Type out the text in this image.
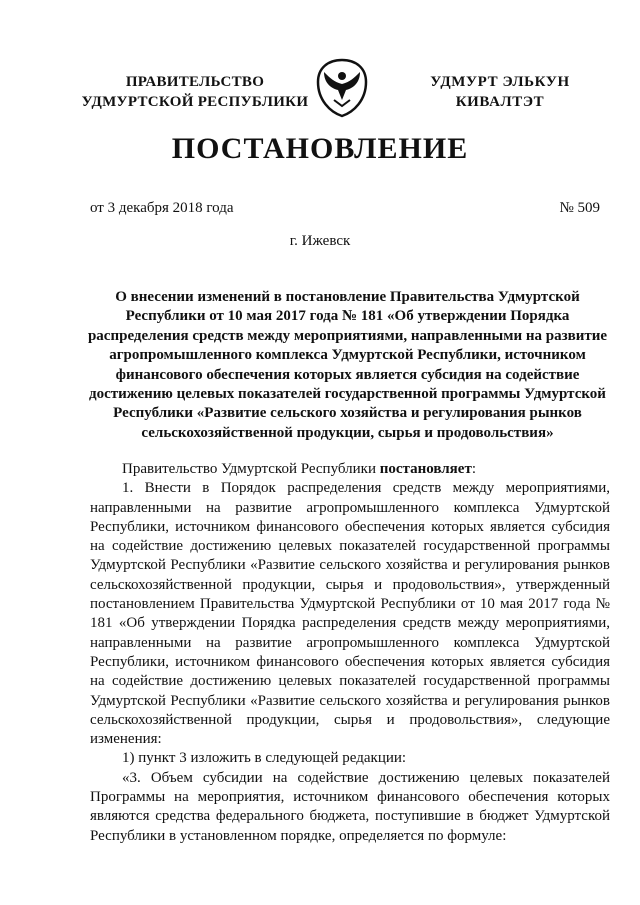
ПРАВИТЕЛЬСТВО
УДМУРТСКОЙ РЕСПУБЛИКИ
УДМУРТ ЭЛЬКУН
КИВАЛТЭТ
ПОСТАНОВЛЕНИЕ
от 3 декабря 2018 года	№ 509
г. Ижевск
О внесении изменений в постановление Правительства Удмуртской Республики от 10 мая 2017 года № 181 «Об утверждении Порядка распределения средств между мероприятиями, направленными на развитие агропромышленного комплекса Удмуртской Республики, источником финансового обеспечения которых является субсидия на содействие достижению целевых показателей государственной программы Удмуртской Республики «Развитие сельского хозяйства и регулирования рынков сельскохозяйственной продукции, сырья и продовольствия»

Правительство Удмуртской Республики постановляет:

1. Внести в Порядок распределения средств между мероприятиями, направленными на развитие агропромышленного комплекса Удмуртской Республики, источником финансового обеспечения которых является субсидия на содействие достижению целевых показателей государственной программы Удмуртской Республики «Развитие сельского хозяйства и регулирования рынков сельскохозяйственной продукции, сырья и продовольствия», утвержденный постановлением Правительства Удмуртской Республики от 10 мая 2017 года № 181 «Об утверждении Порядка распределения средств между мероприятиями, направленными на развитие агропромышленного комплекса Удмуртской Республики, источником финансового обеспечения которых является субсидия на содействие достижению целевых показателей государственной программы Удмуртской Республики «Развитие сельского хозяйства и регулирования рынков сельскохозяйственной продукции, сырья и продовольствия», следующие изменения:

1) пункт 3 изложить в следующей редакции:

«3. Объем субсидии на содействие достижению целевых показателей Программы на мероприятия, источником финансового обеспечения которых являются средства федерального бюджета, поступившие в бюджет Удмуртской Республики в установленном порядке, определяется по формуле:
